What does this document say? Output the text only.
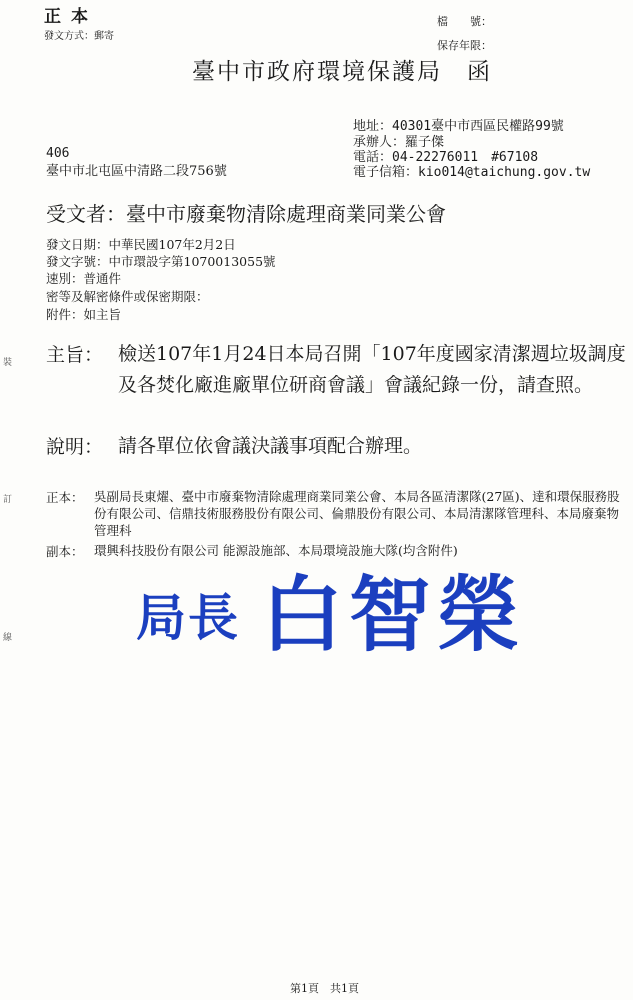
正本
發文方式：郵寄
檔　　號：
保存年限：
臺中市政府環境保護局　函
地址：40301臺中市西區民權路99號
承辦人：羅子傑
電話：04-22276011　#67108
電子信箱：kio014@taichung.gov.tw
406
臺中市北屯區中清路二段756號
受文者：臺中市廢棄物清除處理商業同業公會
發文日期：中華民國107年2月2日
發文字號：中市環設字第1070013055號
速別：普通件
密等及解密條件或保密期限：
附件：如主旨
主旨： 檢送107年1月24日本局召開「107年度國家清潔週垃圾調度及各焚化廠進廠單位研商會議」會議紀錄一份，請查照。
說明： 請各單位依會議決議事項配合辦理。
正本： 吳副局長東燿、臺中市廢棄物清除處理商業同業公會、本局各區清潔隊(27區)、達和環保服務股份有限公司、信鼎技術服務股份有限公司、倫鼎股份有限公司、本局清潔隊管理科、本局廢棄物管理科
副本： 環興科技股份有限公司 能源設施部、本局環境設施大隊(均含附件)
局長 白智榮
裝
訂
線
第1頁　共1頁
